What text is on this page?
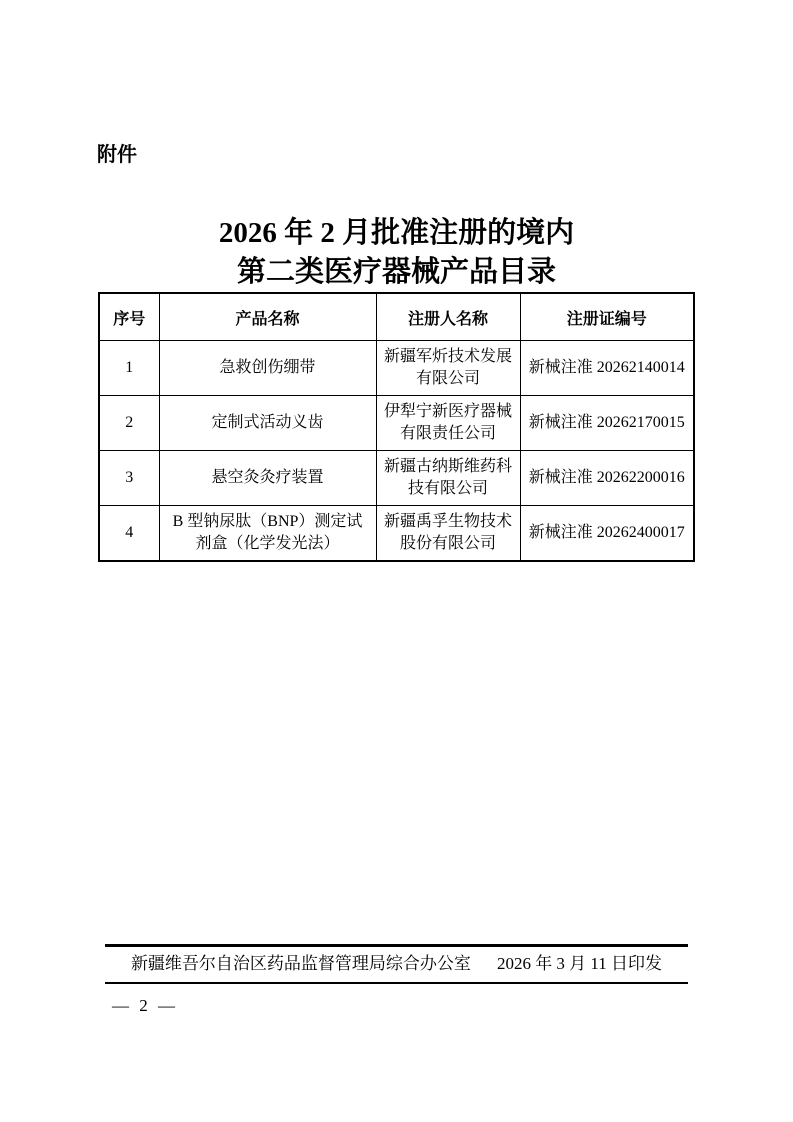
附件
2026 年 2 月批准注册的境内
第二类医疗器械产品目录
序号	产品名称	注册人名称	注册证编号
1	急救创伤绷带	新疆军炘技术发展有限公司	新械注准 20262140014
2	定制式活动义齿	伊犁宁新医疗器械有限责任公司	新械注准 20262170015
3	悬空灸灸疗装置	新疆古纳斯维药科技有限公司	新械注准 20262200016
4	B 型钠尿肽（BNP）测定试剂盒（化学发光法）	新疆禹孚生物技术股份有限公司	新械注准 20262400017
新疆维吾尔自治区药品监督管理局综合办公室 2026 年 3 月 11 日印发
— 2 —
